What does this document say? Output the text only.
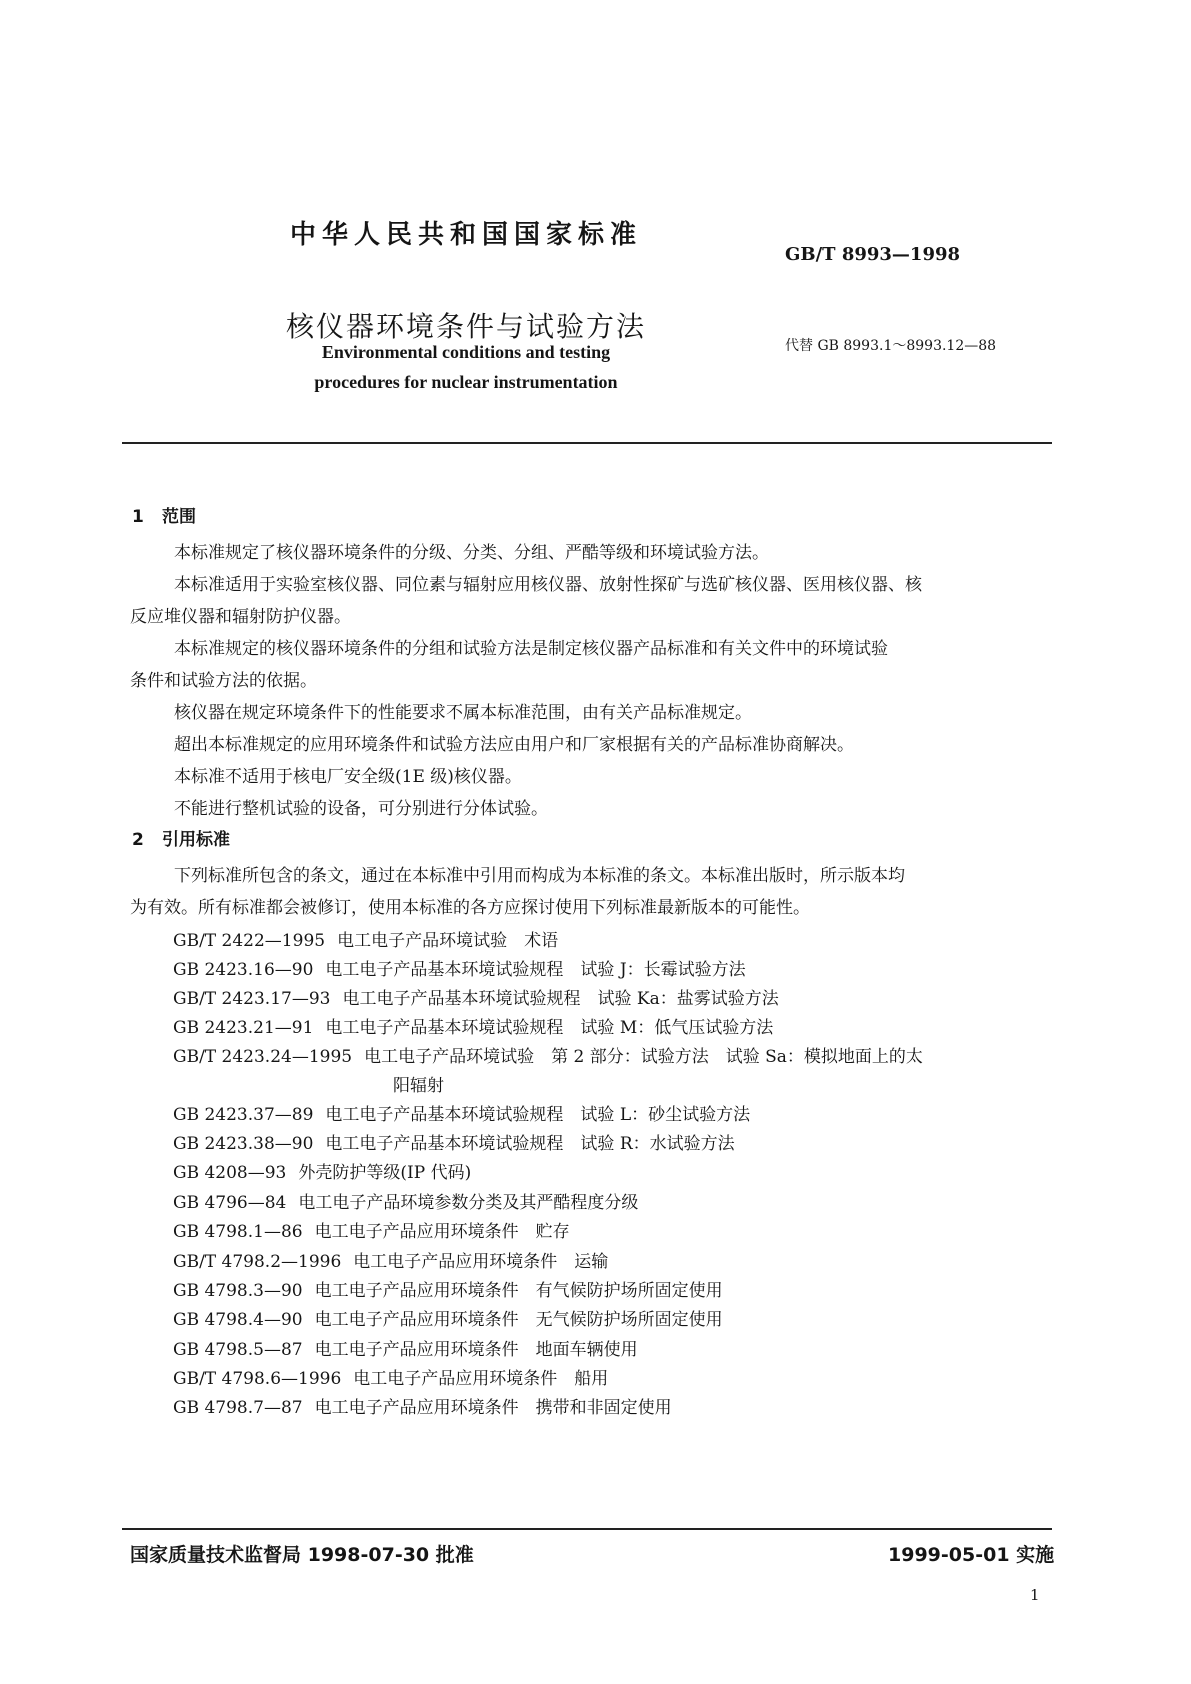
中华人民共和国国家标准
GB/T 8993—1998
核仪器环境条件与试验方法
代替 GB 8993.1～8993.12—88
Environmental conditions and testing
procedures for nuclear instrumentation
1 范围
本标准规定了核仪器环境条件的分级、分类、分组、严酷等级和环境试验方法。
本标准适用于实验室核仪器、同位素与辐射应用核仪器、放射性探矿与选矿核仪器、医用核仪器、核
反应堆仪器和辐射防护仪器。
本标准规定的核仪器环境条件的分组和试验方法是制定核仪器产品标准和有关文件中的环境试验
条件和试验方法的依据。
核仪器在规定环境条件下的性能要求不属本标准范围，由有关产品标准规定。
超出本标准规定的应用环境条件和试验方法应由用户和厂家根据有关的产品标准协商解决。
本标准不适用于核电厂安全级(1E 级)核仪器。
不能进行整机试验的设备，可分别进行分体试验。
2 引用标准
下列标准所包含的条文，通过在本标准中引用而构成为本标准的条文。本标准出版时，所示版本均
为有效。所有标准都会被修订，使用本标准的各方应探讨使用下列标准最新版本的可能性。
GB/T 2422—1995 电工电子产品环境试验　术语
GB 2423.16—90 电工电子产品基本环境试验规程　试验 J：长霉试验方法
GB/T 2423.17—93 电工电子产品基本环境试验规程　试验 Ka：盐雾试验方法
GB 2423.21—91 电工电子产品基本环境试验规程　试验 M：低气压试验方法
GB/T 2423.24—1995 电工电子产品环境试验　第 2 部分：试验方法　试验 Sa：模拟地面上的太
阳辐射
GB 2423.37—89 电工电子产品基本环境试验规程　试验 L：砂尘试验方法
GB 2423.38—90 电工电子产品基本环境试验规程　试验 R：水试验方法
GB 4208—93 外壳防护等级(IP 代码)
GB 4796—84 电工电子产品环境参数分类及其严酷程度分级
GB 4798.1—86 电工电子产品应用环境条件　贮存
GB/T 4798.2—1996 电工电子产品应用环境条件　运输
GB 4798.3—90 电工电子产品应用环境条件　有气候防护场所固定使用
GB 4798.4—90 电工电子产品应用环境条件　无气候防护场所固定使用
GB 4798.5—87 电工电子产品应用环境条件　地面车辆使用
GB/T 4798.6—1996 电工电子产品应用环境条件　船用
GB 4798.7—87 电工电子产品应用环境条件　携带和非固定使用
国家质量技术监督局 1998-07-30 批准	1999-05-01 实施
1
